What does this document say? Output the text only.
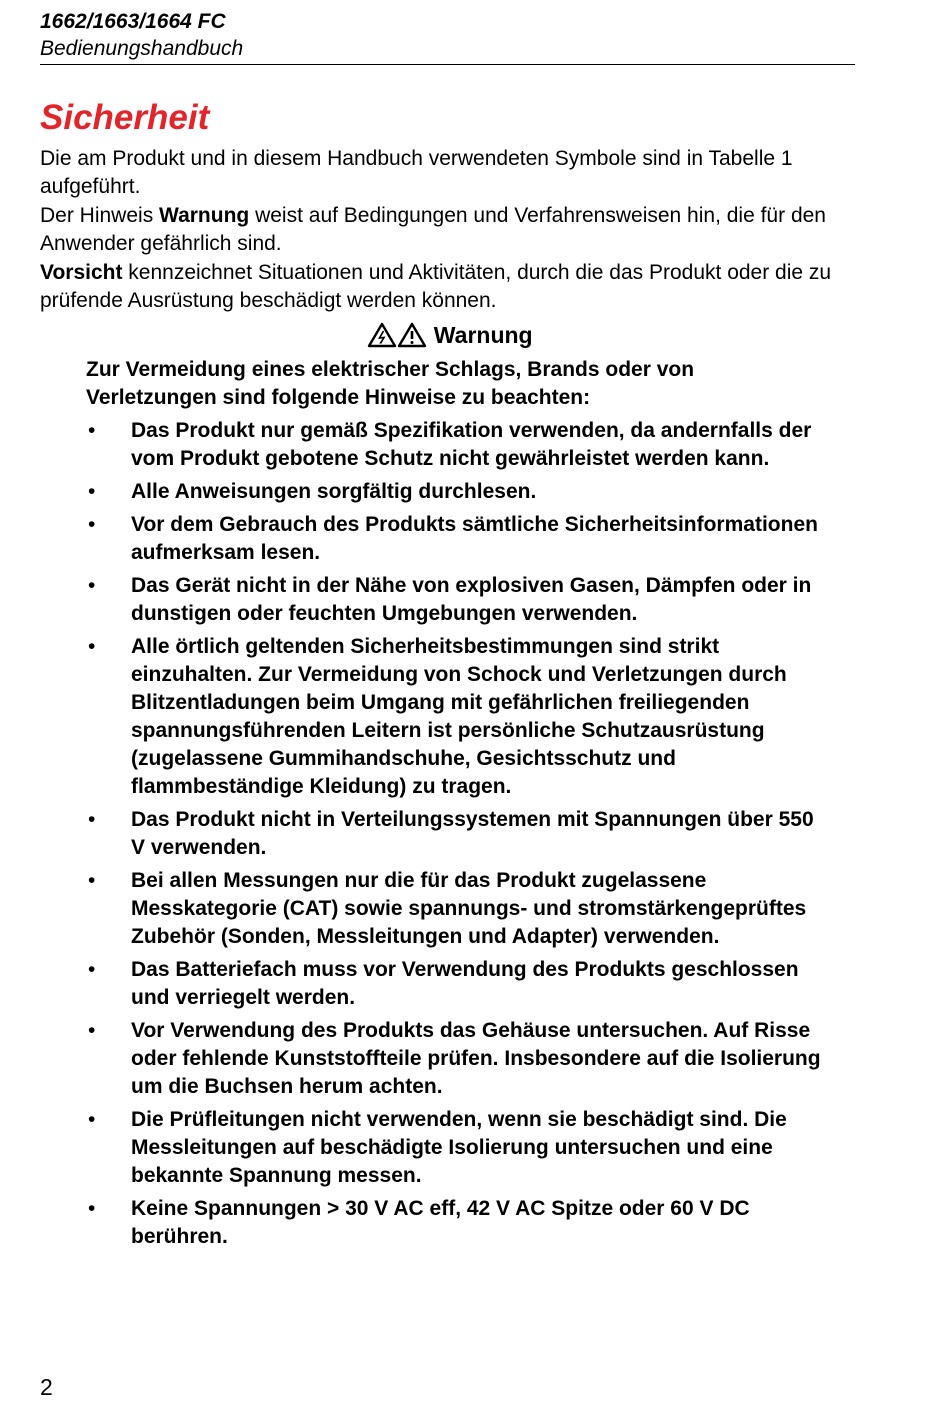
1662/1663/1664 FC
Bedienungshandbuch
Sicherheit

Die am Produkt und in diesem Handbuch verwendeten Symbole sind in Tabelle 1 aufgeführt.

Der Hinweis Warnung weist auf Bedingungen und Verfahrensweisen hin, die für den Anwender gefährlich sind.

Vorsicht kennzeichnet Situationen und Aktivitäten, durch die das Produkt oder die zu prüfende Ausrüstung beschädigt werden können.

Warnung
Zur Vermeidung eines elektrischer Schlags, Brands oder von Verletzungen sind folgende Hinweise zu beachten:
• Das Produkt nur gemäß Spezifikation verwenden, da andernfalls der vom Produkt gebotene Schutz nicht gewährleistet werden kann.
• Alle Anweisungen sorgfältig durchlesen.
• Vor dem Gebrauch des Produkts sämtliche Sicherheitsinformationen aufmerksam lesen.
• Das Gerät nicht in der Nähe von explosiven Gasen, Dämpfen oder in dunstigen oder feuchten Umgebungen verwenden.
• Alle örtlich geltenden Sicherheitsbestimmungen sind strikt einzuhalten. Zur Vermeidung von Schock und Verletzungen durch Blitzentladungen beim Umgang mit gefährlichen freiliegenden spannungsführenden Leitern ist persönliche Schutzausrüstung (zugelassene Gummihandschuhe, Gesichtsschutz und flammbeständige Kleidung) zu tragen.
• Das Produkt nicht in Verteilungssystemen mit Spannungen über 550 V verwenden.
• Bei allen Messungen nur die für das Produkt zugelassene Messkategorie (CAT) sowie spannungs- und stromstärkengeprüftes Zubehör (Sonden, Messleitungen und Adapter) verwenden.
• Das Batteriefach muss vor Verwendung des Produkts geschlossen und verriegelt werden.
• Vor Verwendung des Produkts das Gehäuse untersuchen. Auf Risse oder fehlende Kunststoffteile prüfen. Insbesondere auf die Isolierung um die Buchsen herum achten.
• Die Prüfleitungen nicht verwenden, wenn sie beschädigt sind. Die Messleitungen auf beschädigte Isolierung untersuchen und eine bekannte Spannung messen.
• Keine Spannungen > 30 V AC eff, 42 V AC Spitze oder 60 V DC berühren.
2
